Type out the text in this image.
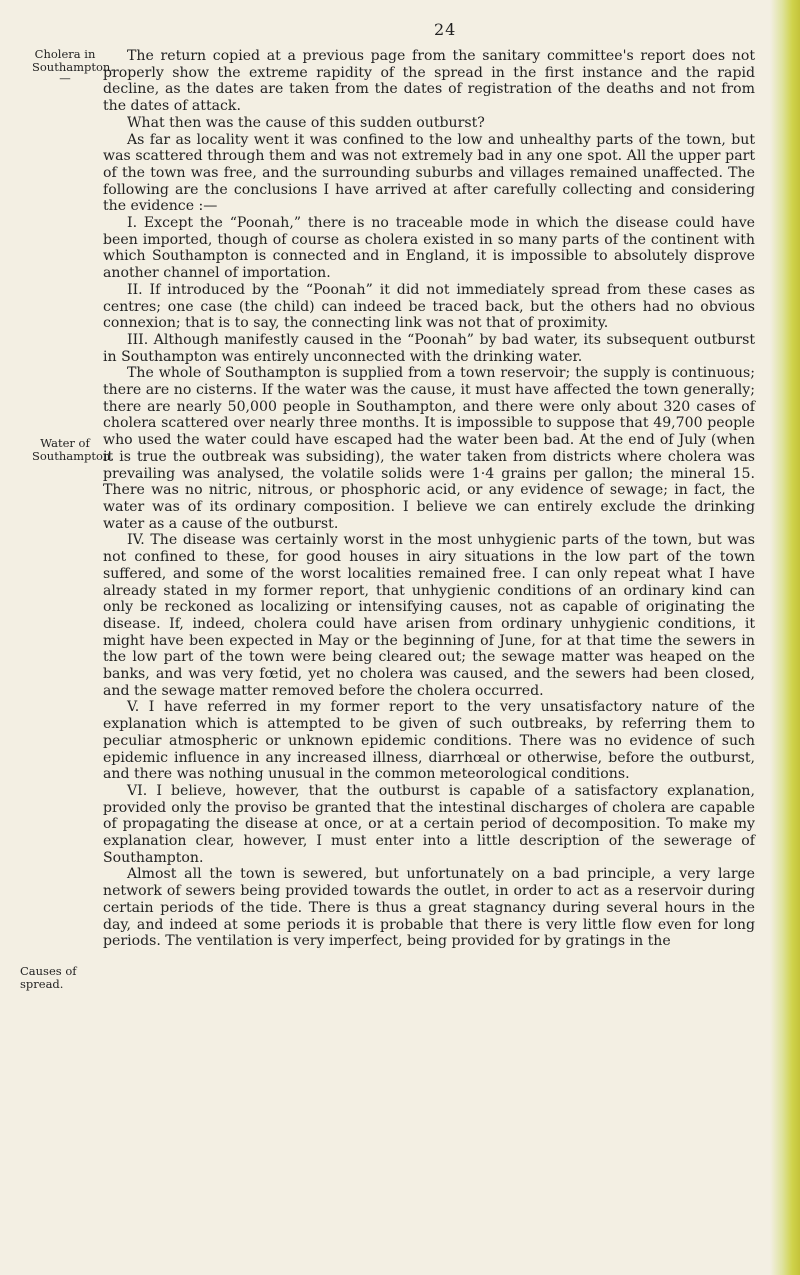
24
Cholera in
Southampton.
—
Water of
Southampton.
Causes of spread.

The return copied at a previous page from the sanitary committee's report does not properly show the extreme rapidity of the spread in the first instance and the rapid decline, as the dates are taken from the dates of registration of the deaths and not from the dates of attack.

What then was the cause of this sudden outburst?

As far as locality went it was confined to the low and unhealthy parts of the town, but was scattered through them and was not extremely bad in any one spot. All the upper part of the town was free, and the surrounding suburbs and villages remained unaffected. The following are the conclusions I have arrived at after carefully collecting and considering the evidence :—

I. Except the “Poonah,” there is no traceable mode in which the disease could have been imported, though of course as cholera existed in so many parts of the continent with which Southampton is connected and in England, it is impossible to absolutely disprove another channel of importation.

II. If introduced by the “Poonah” it did not immediately spread from these cases as centres; one case (the child) can indeed be traced back, but the others had no obvious connexion; that is to say, the connecting link was not that of proximity.

III. Although manifestly caused in the “Poonah” by bad water, its subsequent outburst in Southampton was entirely unconnected with the drinking water.

The whole of Southampton is supplied from a town reservoir; the supply is continuous; there are no cisterns. If the water was the cause, it must have affected the town generally; there are nearly 50,000 people in Southampton, and there were only about 320 cases of cholera scattered over nearly three months. It is impossible to suppose that 49,700 people who used the water could have escaped had the water been bad. At the end of July (when it is true the outbreak was subsiding), the water taken from districts where cholera was prevailing was analysed, the volatile solids were 1·4 grains per gallon; the mineral 15. There was no nitric, nitrous, or phosphoric acid, or any evidence of sewage; in fact, the water was of its ordinary composition. I believe we can entirely exclude the drinking water as a cause of the outburst.

IV. The disease was certainly worst in the most unhygienic parts of the town, but was not confined to these, for good houses in airy situations in the low part of the town suffered, and some of the worst localities remained free. I can only repeat what I have already stated in my former report, that unhygienic conditions of an ordinary kind can only be reckoned as localizing or intensifying causes, not as capable of originating the disease. If, indeed, cholera could have arisen from ordinary unhygienic conditions, it might have been expected in May or the beginning of June, for at that time the sewers in the low part of the town were being cleared out; the sewage matter was heaped on the banks, and was very fœtid, yet no cholera was caused, and the sewers had been closed, and the sewage matter removed before the cholera occurred.

V. I have referred in my former report to the very unsatisfactory nature of the explanation which is attempted to be given of such outbreaks, by referring them to peculiar atmospheric or unknown epidemic conditions. There was no evidence of such epidemic influence in any increased illness, diarrhœal or otherwise, before the outburst, and there was nothing unusual in the common meteorological conditions.

VI. I believe, however, that the outburst is capable of a satisfactory explanation, provided only the proviso be granted that the intestinal discharges of cholera are capable of propagating the disease at once, or at a certain period of decomposition. To make my explanation clear, however, I must enter into a little description of the sewerage of Southampton.

Almost all the town is sewered, but unfortunately on a bad principle, a very large network of sewers being provided towards the outlet, in order to act as a reservoir during certain periods of the tide. There is thus a great stagnancy during several hours in the day, and indeed at some periods it is probable that there is very little flow even for long periods. The ventilation is very imperfect, being provided for by gratings in the
